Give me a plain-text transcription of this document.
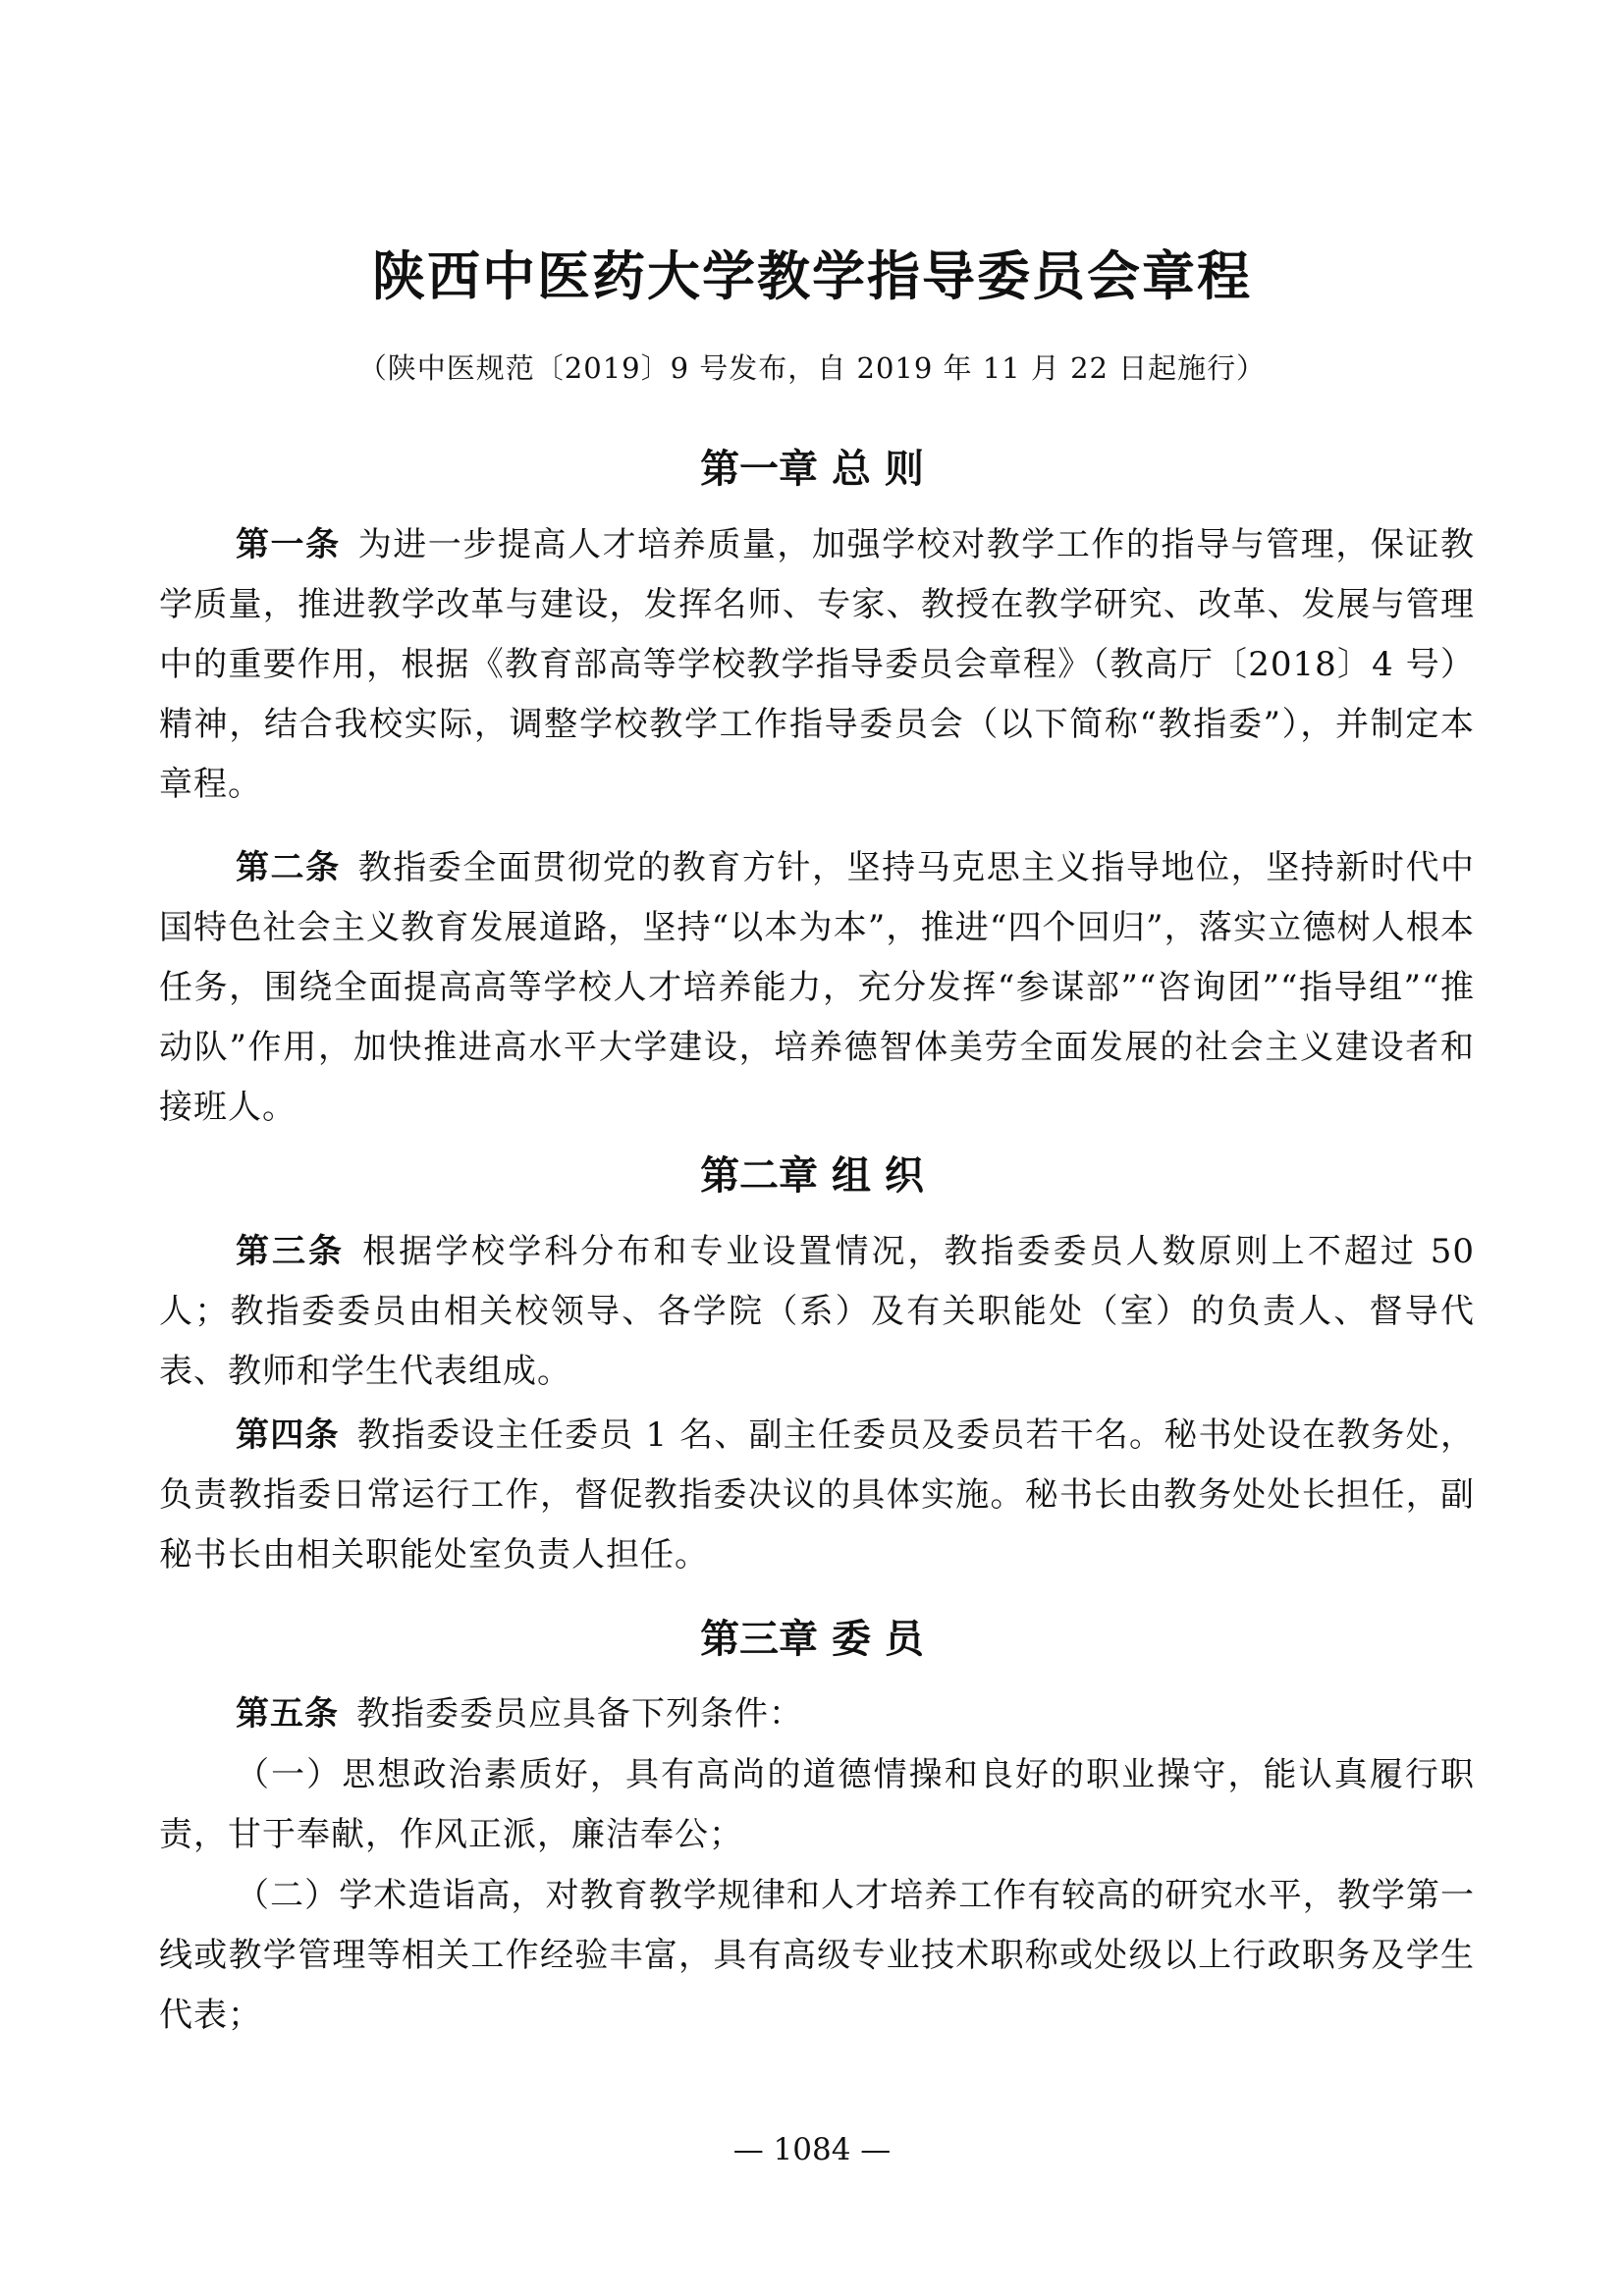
陕西中医药大学教学指导委员会章程
（陕中医规范〔2019〕9 号发布，自 2019 年 11 月 22 日起施行）
第一章 总 则

第一条 为进一步提高人才培养质量，加强学校对教学工作的指导与管理，保证教学质量，推进教学改革与建设，发挥名师、专家、教授在教学研究、改革、发展与管理中的重要作用，根据《教育部高等学校教学指导委员会章程》（教高厅〔2018〕4 号）精神，结合我校实际，调整学校教学工作指导委员会（以下简称“教指委”），并制定本章程。

第二条 教指委全面贯彻党的教育方针，坚持马克思主义指导地位，坚持新时代中国特色社会主义教育发展道路，坚持“以本为本”，推进“四个回归”，落实立德树人根本任务，围绕全面提高高等学校人才培养能力，充分发挥“参谋部”“咨询团”“指导组”“推动队”作用，加快推进高水平大学建设，培养德智体美劳全面发展的社会主义建设者和接班人。

第二章 组 织

第三条 根据学校学科分布和专业设置情况，教指委委员人数原则上不超过 50 人；教指委委员由相关校领导、各学院（系）及有关职能处（室）的负责人、督导代表、教师和学生代表组成。

第四条 教指委设主任委员 1 名、副主任委员及委员若干名。秘书处设在教务处，负责教指委日常运行工作，督促教指委决议的具体实施。秘书长由教务处处长担任，副秘书长由相关职能处室负责人担任。

第三章 委 员

第五条 教指委委员应具备下列条件：

（一）思想政治素质好，具有高尚的道德情操和良好的职业操守，能认真履行职责，甘于奉献，作风正派，廉洁奉公；

（二）学术造诣高，对教育教学规律和人才培养工作有较高的研究水平，教学第一线或教学管理等相关工作经验丰富，具有高级专业技术职称或处级以上行政职务及学生代表；

— 1084 —
